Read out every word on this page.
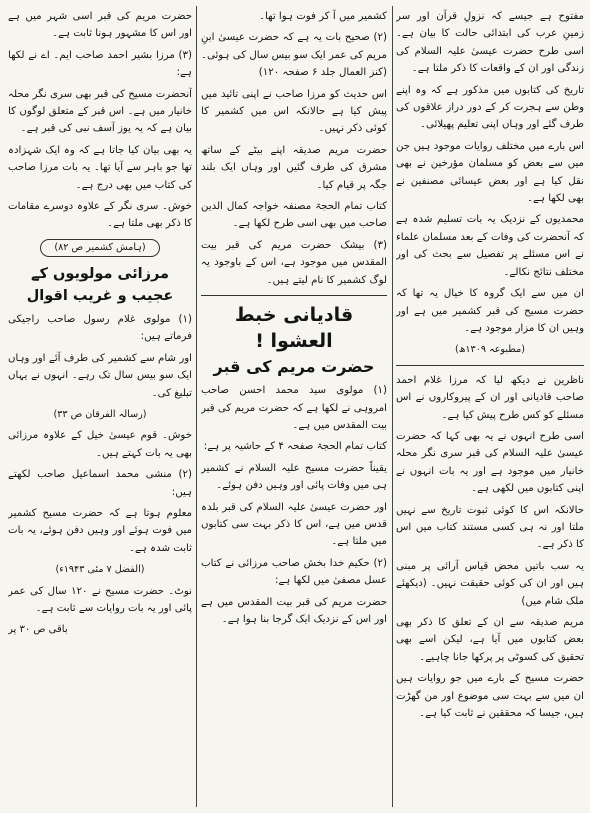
مفتوح ہے جیسے کہ نزولِ قرآن اور سر زمینِ عرب کی ابتدائی حالت کا بیان ہے۔ اسی طرح حضرت عیسیٰ علیہ السلام کی زندگی اور ان کے واقعات کا ذکر ملتا ہے۔

تاریخ کی کتابوں میں مذکور ہے کہ وہ اپنے وطن سے ہجرت کر کے دور دراز علاقوں کی طرف گئے اور وہاں اپنی تعلیم پھیلائی۔

اس بارے میں مختلف روایات موجود ہیں جن میں سے بعض کو مسلمان مؤرخین نے بھی نقل کیا ہے اور بعض عیسائی مصنفین نے بھی لکھا ہے۔

محمدیوں کے نزدیک یہ بات تسلیم شدہ ہے کہ آنحضرت کی وفات کے بعد مسلمان علماء نے اس مسئلے پر تفصیل سے بحث کی اور مختلف نتائج نکالے۔

ان میں سے ایک گروہ کا خیال یہ تھا کہ حضرت مسیح کی قبر کشمیر میں ہے اور وہیں ان کا مزار موجود ہے۔

(مطبوعہ ۱۳۰۹ھ)

ناظرین نے دیکھ لیا کہ مرزا غلام احمد صاحب قادیانی اور ان کے پیروکاروں نے اس مسئلے کو کس طرح پیش کیا ہے۔

اسی طرح انہوں نے یہ بھی کہا کہ حضرت عیسیٰ علیہ السلام کی قبر سری نگر محلہ خانیار میں موجود ہے اور یہ بات انہوں نے اپنی کتابوں میں لکھی ہے۔

حالانکہ اس کا کوئی ثبوت تاریخ سے نہیں ملتا اور نہ ہی کسی مستند کتاب میں اس کا ذکر ہے۔

یہ سب باتیں محض قیاس آرائی پر مبنی ہیں اور ان کی کوئی حقیقت نہیں۔ (دیکھئے ملک شام میں)

مریم صدیقہ سے ان کے تعلق کا ذکر بھی بعض کتابوں میں آیا ہے، لیکن اسے بھی تحقیق کی کسوٹی پر پرکھا جانا چاہیے۔

حضرت مسیح کے بارے میں جو روایات ہیں ان میں سے بہت سی موضوع اور من گھڑت ہیں، جیسا کہ محققین نے ثابت کیا ہے۔

کشمیر میں آ کر فوت ہوا تھا۔

(۲) صحیح بات یہ ہے کہ حضرت عیسیٰ ابنِ مریم کی عمر ایک سو بیس سال کی ہوئی۔ (کنز العمال جلد ۶ صفحہ ۱۲۰)

اس حدیث کو مرزا صاحب نے اپنی تائید میں پیش کیا ہے حالانکہ اس میں کشمیر کا کوئی ذکر نہیں۔

حضرت مریم صدیقہ اپنے بیٹے کے ساتھ مشرق کی طرف گئیں اور وہاں ایک بلند جگہ پر قیام کیا۔

کتاب تمام الحجۃ مصنفہ خواجہ کمال الدین صاحب میں بھی اسی طرح لکھا ہے۔

(۳) بیشک حضرت مریم کی قبر بیت المقدس میں موجود ہے، اس کے باوجود یہ لوگ کشمیر کا نام لیتے ہیں۔

قادیانی خبط العشوا !
حضرت مریم کی قبر

(۱) مولوی سید محمد احسن صاحب امروہی نے لکھا ہے کہ حضرت مریم کی قبر بیت المقدس میں ہے۔

کتاب تمام الحجۃ صفحہ ۴ کے حاشیہ پر ہے:

یقیناً حضرت مسیح علیہ السلام نے کشمیر ہی میں وفات پائی اور وہیں دفن ہوئے۔

اور حضرت عیسیٰ علیہ السلام کی قبر بلدہ قدس میں ہے، اس کا ذکر بہت سی کتابوں میں ملتا ہے۔

(۲) حکیم خدا بخش صاحب مرزائی نے کتاب عسل مصفیٰ میں لکھا ہے:

حضرت مریم کی قبر بیت المقدس میں ہے اور اس کے نزدیک ایک گرجا بنا ہوا ہے۔

حضرت مریم کی قبر اسی شہر میں ہے اور اس کا مشہور ہونا ثابت ہے۔

(۳) مرزا بشیر احمد صاحب ایم۔ اے نے لکھا ہے:

آنحضرت مسیح کی قبر بھی سری نگر محلہ خانیار میں ہے۔ اس قبر کے متعلق لوگوں کا بیان ہے کہ یہ یوز آسف نبی کی قبر ہے۔

یہ بھی بیان کیا جاتا ہے کہ وہ ایک شہزادہ تھا جو باہر سے آیا تھا۔ یہ بات مرزا صاحب کی کتاب میں بھی درج ہے۔

خوش۔ سری نگر کے علاوہ دوسرے مقامات کا ذکر بھی ملتا ہے۔

(ہامش کشمیر ص ۸۲)
مرزائی مولویوں کے عجیب و غریب اقوال

(۱) مولوی غلام رسول صاحب راجیکی فرماتے ہیں:

اور شام سے کشمیر کی طرف آئے اور وہاں ایک سو بیس سال تک رہے۔ انہوں نے یہاں تبلیغ کی۔

(رسالہ الفرقان ص ۳۳)

خوش۔ قوم عیسیٰ خیل کے علاوہ مرزائی بھی یہ بات کہتے ہیں۔

(۲) منشی محمد اسماعیل صاحب لکھتے ہیں:

معلوم ہوتا ہے کہ حضرت مسیح کشمیر میں فوت ہوئے اور وہیں دفن ہوئے، یہ بات ثابت شدہ ہے۔

(الفضل ۷ مئی ۱۹۴۳ء)

نوٹ۔ حضرت مسیح نے ۱۲۰ سال کی عمر پائی اور یہ بات روایات سے ثابت ہے۔

باقی ص ۳۰ پر
